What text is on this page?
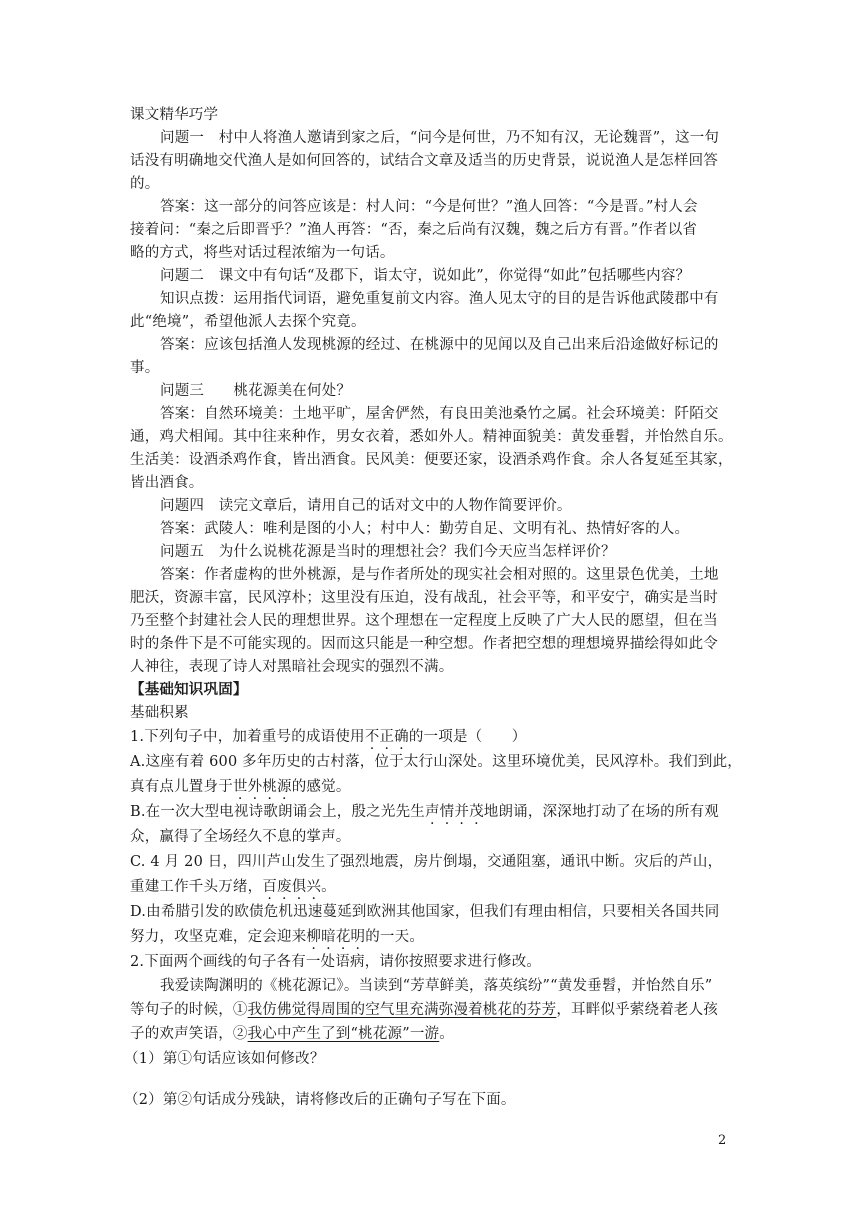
课文精华巧学
问题一　村中人将渔人邀请到家之后，“问今是何世，乃不知有汉，无论魏晋”，这一句
话没有明确地交代渔人是如何回答的，试结合文章及适当的历史背景，说说渔人是怎样回答
的。
答案：这一部分的问答应该是：村人问：“今是何世？”渔人回答：“今是晋。”村人会
接着问：“秦之后即晋乎？”渔人再答：“否，秦之后尚有汉魏，魏之后方有晋。”作者以省
略的方式，将些对话过程浓缩为一句话。
问题二　课文中有句话“及郡下，诣太守，说如此”，你觉得“如此”包括哪些内容？
知识点拨：运用指代词语，避免重复前文内容。渔人见太守的目的是告诉他武陵郡中有
此“绝境”，希望他派人去探个究竟。
答案：应该包括渔人发现桃源的经过、在桃源中的见闻以及自己出来后沿途做好标记的
事。
问题三　　桃花源美在何处？
答案：自然环境美：土地平旷，屋舍俨然，有良田美池桑竹之属。社会环境美：阡陌交
通，鸡犬相闻。其中往来种作，男女衣着，悉如外人。精神面貌美：黄发垂髫，并怡然自乐。
生活美：设酒杀鸡作食，皆出酒食。民风美：便要还家，设酒杀鸡作食。余人各复延至其家，
皆出酒食。
问题四　读完文章后，请用自己的话对文中的人物作简要评价。
答案：武陵人：唯利是图的小人；村中人：勤劳自足、文明有礼、热情好客的人。
问题五　为什么说桃花源是当时的理想社会？我们今天应当怎样评价？
答案：作者虚构的世外桃源，是与作者所处的现实社会相对照的。这里景色优美，土地
肥沃，资源丰富，民风淳朴；这里没有压迫，没有战乱，社会平等，和平安宁，确实是当时
乃至整个封建社会人民的理想世界。这个理想在一定程度上反映了广大人民的愿望，但在当
时的条件下是不可能实现的。因而这只能是一种空想。作者把空想的理想境界描绘得如此令
人神往，表现了诗人对黑暗社会现实的强烈不满。
【基础知识巩固】
基础积累
1.下列句子中，加着重号的成语使用不正确的一项是（　　）
A.这座有着 600 多年历史的古村落，位于太行山深处。这里环境优美，民风淳朴。我们到此，
真有点儿置身于世外桃源的感觉。
B.在一次大型电视诗歌朗诵会上，殷之光先生声情并茂地朗诵，深深地打动了在场的所有观
众，赢得了全场经久不息的掌声。
C. 4 月 20 日，四川芦山发生了强烈地震，房片倒塌，交通阻塞，通讯中断。灾后的芦山，
重建工作千头万绪，百废俱兴。
D.由希腊引发的欧债危机迅速蔓延到欧洲其他国家，但我们有理由相信，只要相关各国共同
努力，攻坚克难，定会迎来柳暗花明的一天。
2.下面两个画线的句子各有一处语病，请你按照要求进行修改。
我爱读陶渊明的《桃花源记》。当读到“芳草鲜美，落英缤纷”“黄发垂髫，并怡然自乐”
等句子的时候，①我仿佛觉得周围的空气里充满弥漫着桃花的芬芳，耳畔似乎萦绕着老人孩
子的欢声笑语，②我心中产生了到“桃花源”一游。
（1）第①句话应该如何修改？
（2）第②句话成分残缺，请将修改后的正确句子写在下面。
2
